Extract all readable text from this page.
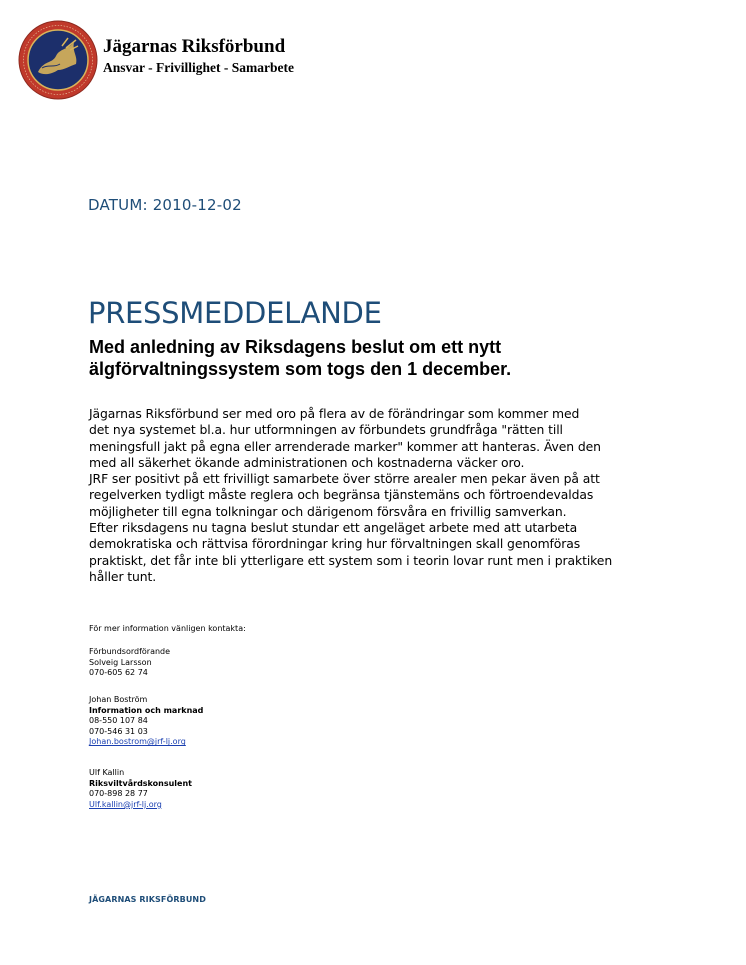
Jägarnas Riksförbund
Ansvar - Frivillighet - Samarbete
DATUM: 2010-12-02
PRESSMEDDELANDE
Med anledning av Riksdagens beslut om ett nytt
älgförvaltningssystem som togs den 1 december.
Jägarnas Riksförbund ser med oro på flera av de förändringar som kommer med
det nya systemet bl.a. hur utformningen av förbundets grundfråga "rätten till
meningsfull jakt på egna eller arrenderade marker" kommer att hanteras. Även den
med all säkerhet ökande administrationen och kostnaderna väcker oro.
JRF ser positivt på ett frivilligt samarbete över större arealer men pekar även på att
regelverken tydligt måste reglera och begränsa tjänstemäns och förtroendevaldas
möjligheter till egna tolkningar och därigenom försvåra en frivillig samverkan.
Efter riksdagens nu tagna beslut stundar ett angeläget arbete med att utarbeta
demokratiska och rättvisa förordningar kring hur förvaltningen skall genomföras
praktiskt, det får inte bli ytterligare ett system som i teorin lovar runt men i praktiken
håller tunt.
För mer information vänligen kontakta:
Förbundsordförande
Solveig Larsson
070-605 62 74
Johan Boström
Information och marknad
08-550 107 84
070-546 31 03
Johan.bostrom@jrf-lj.org
Ulf Kallin
Riksviltvårdskonsulent
070-898 28 77
Ulf.kallin@jrf-lj.org
JÄGARNAS RIKSFÖRBUND
